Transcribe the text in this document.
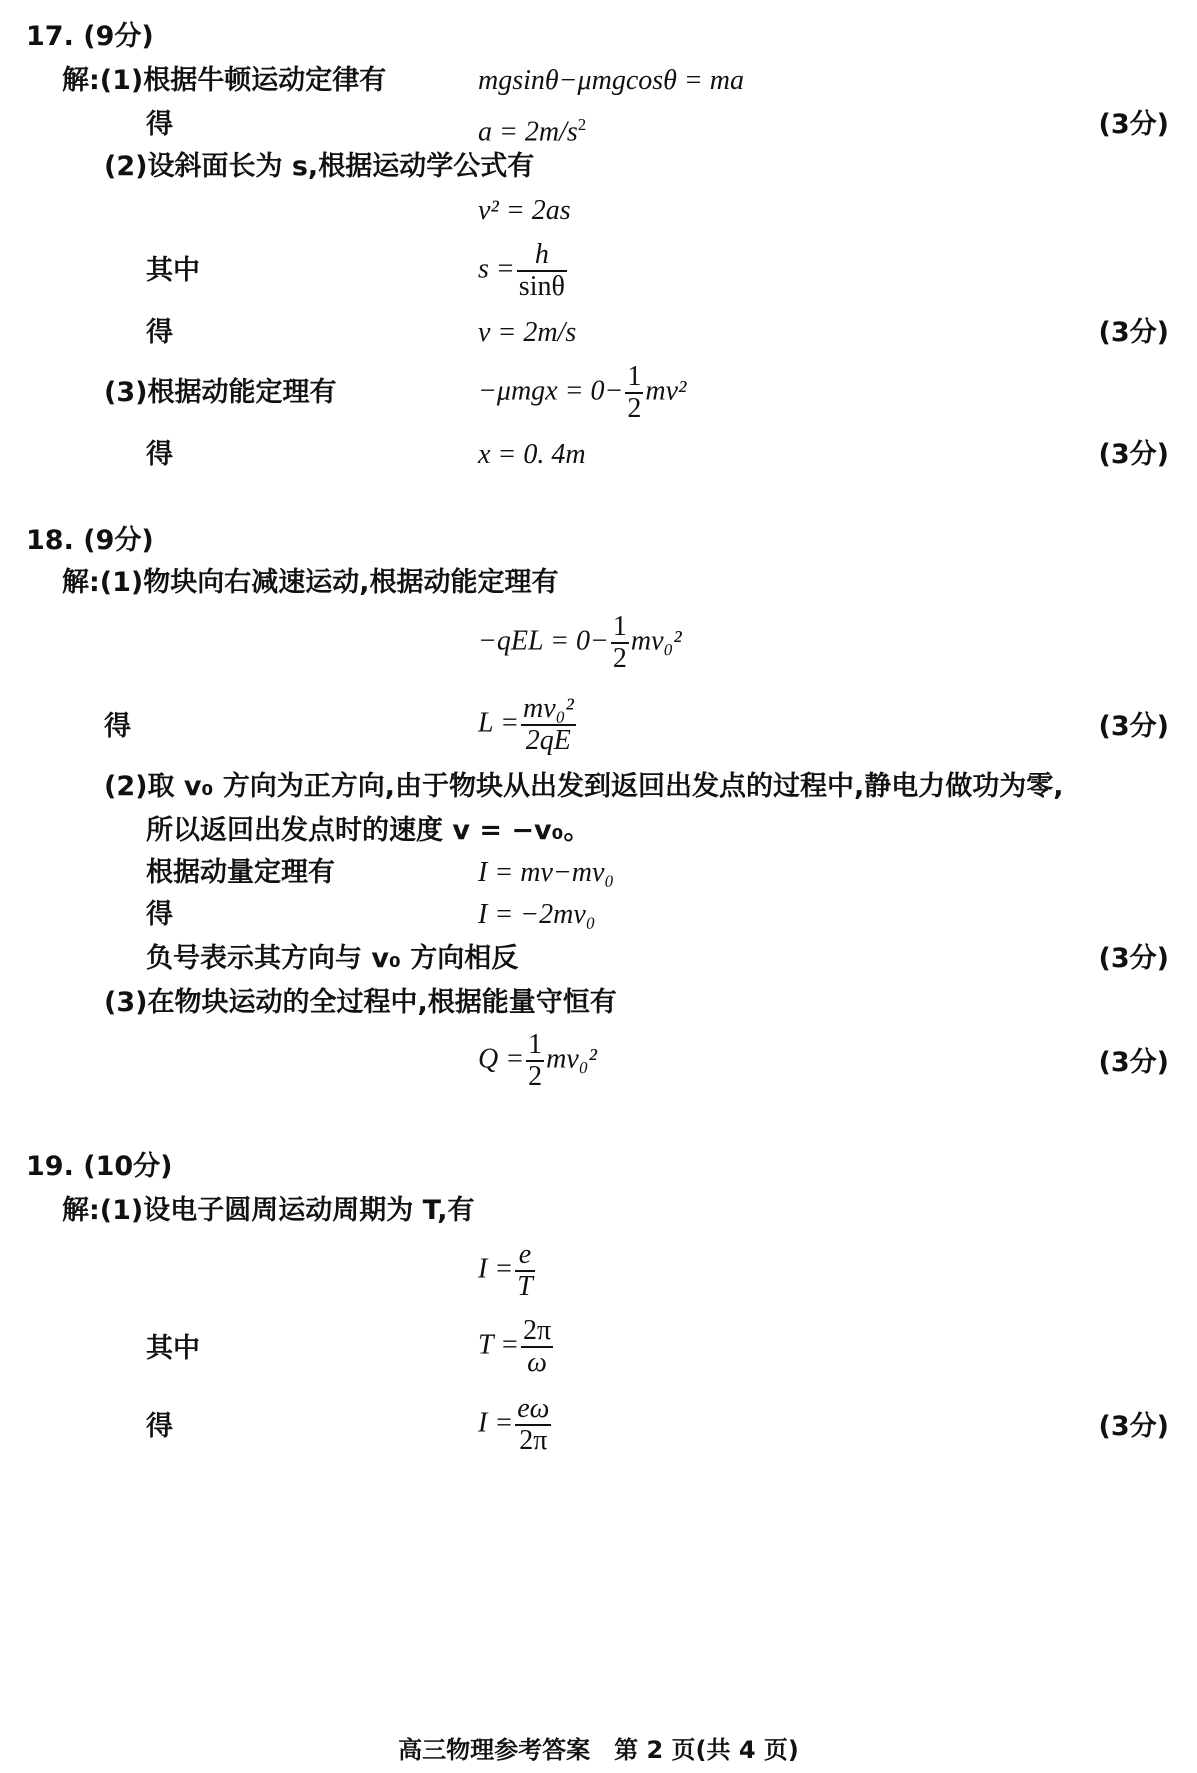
17. (9分)
解:(1)根据牛顿运动定律有	mgsinθ−μmgcosθ = ma
得	$a = 2m/s^2$	(3分)
(2)设斜面长为 s,根据运动学公式有
v² = 2as
其中	$s = \frac{h}{\sin\theta}$
得	v = 2m/s	(3分)
(3)根据动能定理有	$-\mu mgx = 0- \frac{1}{2} mv^2$
得	x = 0. 4m	(3分)
18. (9分)
解:(1)物块向右减速运动,根据动能定理有
$-qEL = 0- \frac{1}{2} mv_0^2$
得	$L = \frac{\text{mv₀²}}{2qE}$	(3分)
(2)取 v₀ 方向为正方向,由于物块从出发到返回出发点的过程中,静电力做功为零,
所以返回出发点时的速度 v = −v₀。
根据动量定理有	I = mv−mv₀
得	I = −2mv₀
负号表示其方向与 v₀ 方向相反	(3分)
(3)在物块运动的全过程中,根据能量守恒有
$Q = \frac{1}{2} mv_0^2$	(3分)
19. (10分)
解:(1)设电子圆周运动周期为 T,有
$I = \frac{e}{T}$
其中	$T = \frac{2\pi}{\omega}$
得	$I = \frac{e\omega}{2\pi}$	(3分)
高三物理参考答案　第 2 页(共 4 页)
